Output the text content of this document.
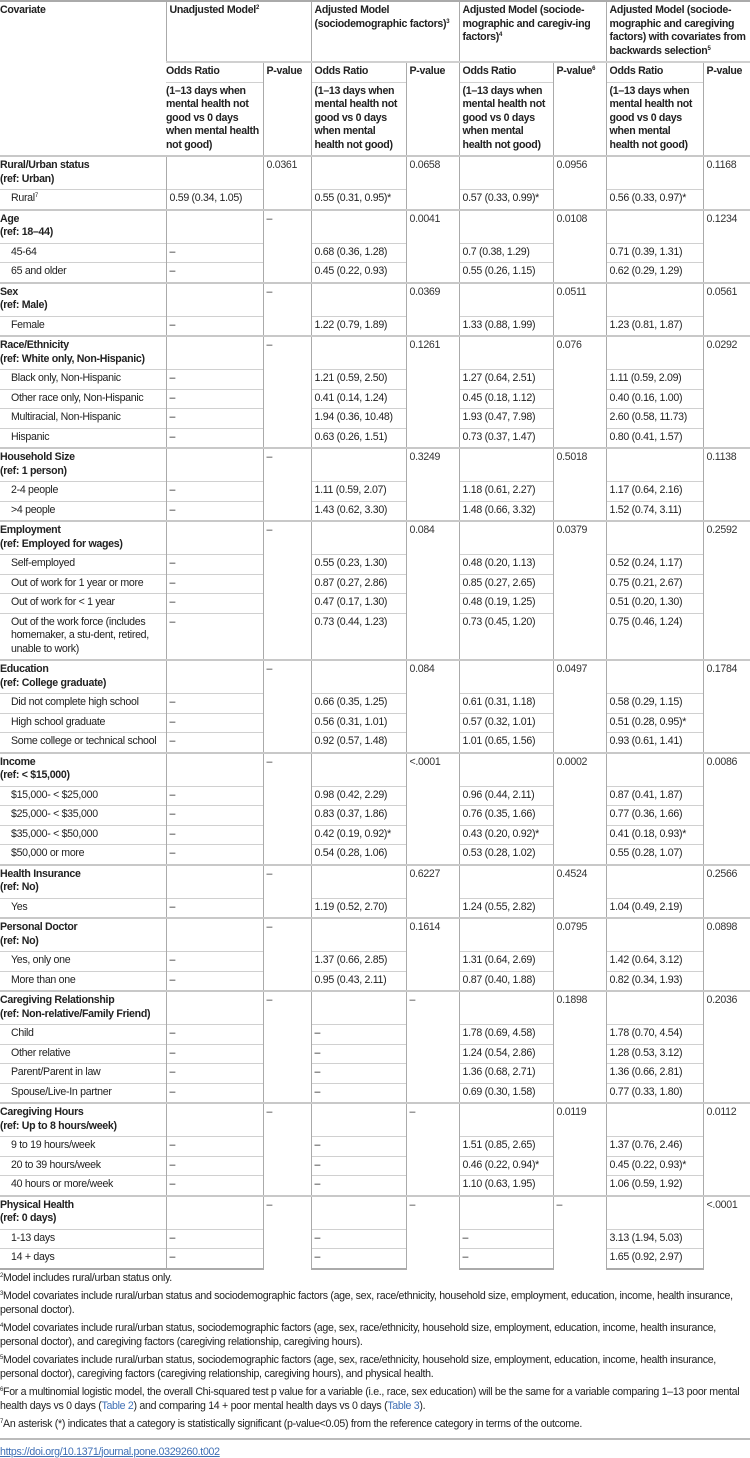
Covariate	Unadjusted Model$^2$		Adjusted Model (sociodemographic factors)$^3$		Adjusted Model (sociode-mographic and caregiv-ing factors)$^4$		Adjusted Model (sociode-mographic and caregiving factors) with covariates from backwards selection$^5$
	Odds Ratio	P-value	Odds Ratio	P-value	Odds Ratio	P-value$^6$	Odds Ratio	P-value
	(1–13 days when mental health not good vs 0 days when mental health not good)		(1–13 days when mental health not good vs 0 days when mental health not good)		(1–13 days when mental health not good vs 0 days when mental health not good)		(1–13 days when mental health not good vs 0 days when mental health not good)	

Rural/Urban status
(ref: Urban)		0.0361		0.0658		0.0956		0.1168
Rural$^7$	0.59 (0.34, 1.05)		0.55 (0.31, 0.95)*		0.57 (0.33, 0.99)*		0.56 (0.33, 0.97)*	

Age
(ref: 18–44)		–		0.0041		0.0108		0.1234
45-64	–		0.68 (0.36, 1.28)		0.7 (0.38, 1.29)		0.71 (0.39, 1.31)	
65 and older	–		0.45 (0.22, 0.93)		0.55 (0.26, 1.15)		0.62 (0.29, 1.29)	

Sex
(ref: Male)		–		0.0369		0.0511		0.0561
Female	–		1.22 (0.79, 1.89)		1.33 (0.88, 1.99)		1.23 (0.81, 1.87)	

Race/Ethnicity
(ref: White only, Non-Hispanic)		–		0.1261		0.076		0.0292
Black only, Non-Hispanic	–		1.21 (0.59, 2.50)		1.27 (0.64, 2.51)		1.11 (0.59, 2.09)	
Other race only, Non-Hispanic	–		0.41 (0.14, 1.24)		0.45 (0.18, 1.12)		0.40 (0.16, 1.00)	
Multiracial, Non-Hispanic	–		1.94 (0.36, 10.48)		1.93 (0.47, 7.98)		2.60 (0.58, 11.73)	
Hispanic	–		0.63 (0.26, 1.51)		0.73 (0.37, 1.47)		0.80 (0.41, 1.57)	

Household Size
(ref: 1 person)		–		0.3249		0.5018		0.1138
2-4 people	–		1.11 (0.59, 2.07)		1.18 (0.61, 2.27)		1.17 (0.64, 2.16)	
>4 people	–		1.43 (0.62, 3.30)		1.48 (0.66, 3.32)		1.52 (0.74, 3.11)	

Employment
(ref: Employed for wages)		–		0.084		0.0379		0.2592
Self-employed	–		0.55 (0.23, 1.30)		0.48 (0.20, 1.13)		0.52 (0.24, 1.17)	
Out of work for 1 year or more	–		0.87 (0.27, 2.86)		0.85 (0.27, 2.65)		0.75 (0.21, 2.67)	
Out of work for < 1 year	–		0.47 (0.17, 1.30)		0.48 (0.19, 1.25)		0.51 (0.20, 1.30)	
Out of the work force (includes homemaker, a stu-dent, retired, unable to work)	–		0.73 (0.44, 1.23)		0.73 (0.45, 1.20)		0.75 (0.46, 1.24)	

Education
(ref: College graduate)		–		0.084		0.0497		0.1784
Did not complete high school	–		0.66 (0.35, 1.25)		0.61 (0.31, 1.18)		0.58 (0.29, 1.15)	
High school graduate	–		0.56 (0.31, 1.01)		0.57 (0.32, 1.01)		0.51 (0.28, 0.95)*	
Some college or technical school	–		0.92 (0.57, 1.48)		1.01 (0.65, 1.56)		0.93 (0.61, 1.41)	

Income
(ref: < $15,000)		–		<.0001		0.0002		0.0086
$15,000- < $25,000	–		0.98 (0.42, 2.29)		0.96 (0.44, 2.11)		0.87 (0.41, 1.87)	
$25,000- < $35,000	–		0.83 (0.37, 1.86)		0.76 (0.35, 1.66)		0.77 (0.36, 1.66)	
$35,000- < $50,000	–		0.42 (0.19, 0.92)*		0.43 (0.20, 0.92)*		0.41 (0.18, 0.93)*	
$50,000 or more	–		0.54 (0.28, 1.06)		0.53 (0.28, 1.02)		0.55 (0.28, 1.07)	

Health Insurance
(ref: No)		–		0.6227		0.4524		0.2566
Yes	–		1.19 (0.52, 2.70)		1.24 (0.55, 2.82)		1.04 (0.49, 2.19)	

Personal Doctor
(ref: No)		–		0.1614		0.0795		0.0898
Yes, only one	–		1.37 (0.66, 2.85)		1.31 (0.64, 2.69)		1.42 (0.64, 3.12)	
More than one	–		0.95 (0.43, 2.11)		0.87 (0.40, 1.88)		0.82 (0.34, 1.93)	

Caregiving Relationship
(ref: Non-relative/Family Friend)		–		–		0.1898		0.2036
Child	–		–		1.78 (0.69, 4.58)		1.78 (0.70, 4.54)	
Other relative	–		–		1.24 (0.54, 2.86)		1.28 (0.53, 3.12)	
Parent/Parent in law	–		–		1.36 (0.68, 2.71)		1.36 (0.66, 2.81)	
Spouse/Live-In partner	–		–		0.69 (0.30, 1.58)		0.77 (0.33, 1.80)	

Caregiving Hours
(ref: Up to 8 hours/week)		–		–		0.0119		0.0112
9 to 19 hours/week	–		–		1.51 (0.85, 2.65)		1.37 (0.76, 2.46)	
20 to 39 hours/week	–		–		0.46 (0.22, 0.94)*		0.45 (0.22, 0.93)*	
40 hours or more/week	–		–		1.10 (0.63, 1.95)		1.06 (0.59, 1.92)	

Physical Health
(ref: 0 days)		–		–		–		<.0001
1-13 days	–		–		–		3.13 (1.94, 5.03)	
14 + days	–		–		–		1.65 (0.92, 2.97)	
$^2$Model includes rural/urban status only.
$^3$Model covariates include rural/urban status and sociodemographic factors (age, sex, race/ethnicity, household size, employment, education, income, health insurance, personal doctor).
$^4$Model covariates include rural/urban status, sociodemographic factors (age, sex, race/ethnicity, household size, employment, education, income, health insurance, personal doctor), and caregiving factors (caregiving relationship, caregiving hours).
$^5$Model covariates include rural/urban status, sociodemographic factors (age, sex, race/ethnicity, household size, employment, education, income, health insurance, personal doctor), caregiving factors (caregiving relationship, caregiving hours), and physical health.
$^6$For a multinomial logistic model, the overall Chi-squared test p value for a variable (i.e., race, sex education) will be the same for a variable comparing 1–13 poor mental health days vs 0 days (Table 2) and comparing 14 + poor mental health days vs 0 days (Table 3).
$^7$An asterisk (*) indicates that a category is statistically significant (p-value<0.05) from the reference category in terms of the outcome.
https://doi.org/10.1371/journal.pone.0329260.t002
